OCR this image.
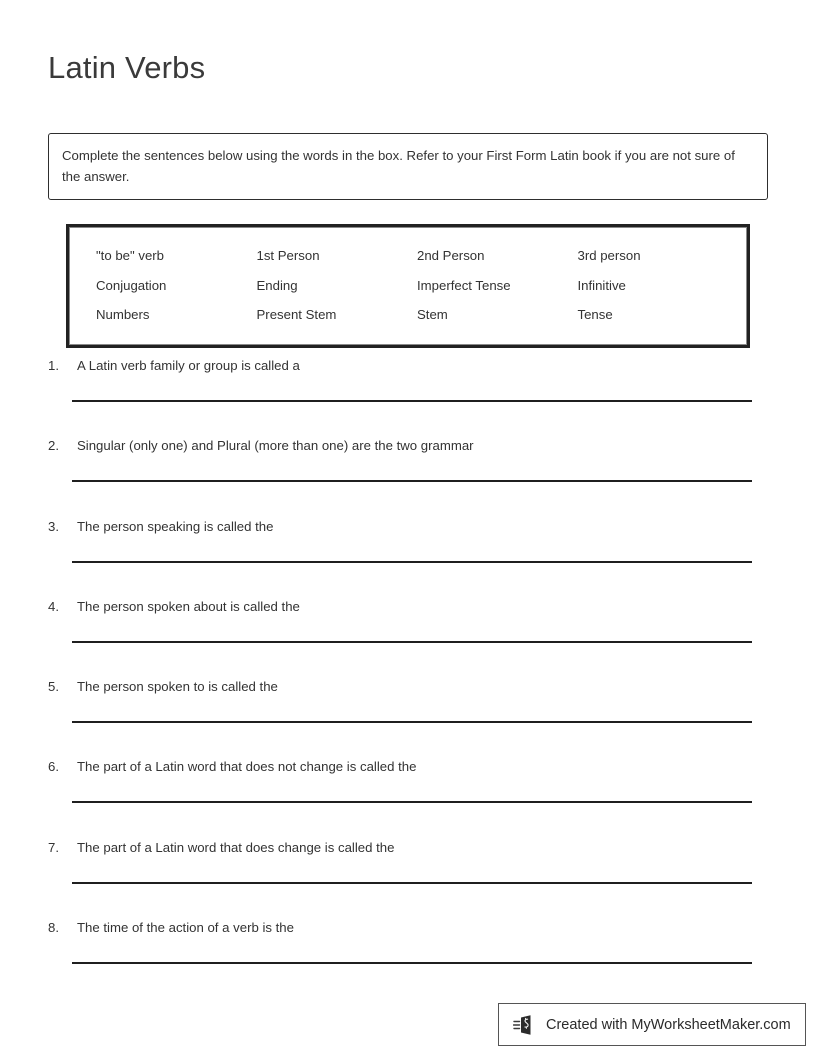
Latin Verbs
Complete the sentences below using the words in the box. Refer to your First Form Latin book if you are not sure of the answer.
"to be" verb	1st Person	2nd Person	3rd person
Conjugation	Ending	Imperfect Tense	Infinitive
Numbers	Present Stem	Stem	Tense
1.	A Latin verb family or group is called a
2.	Singular (only one) and Plural (more than one) are the two grammar
3.	The person speaking is called the
4.	The person spoken about is called the
5.	The person spoken to is called the
6.	The part of a Latin word that does not change is called the
7.	The part of a Latin word that does change is called the
8.	The time of the action of a verb is the
Created with MyWorksheetMaker.com
